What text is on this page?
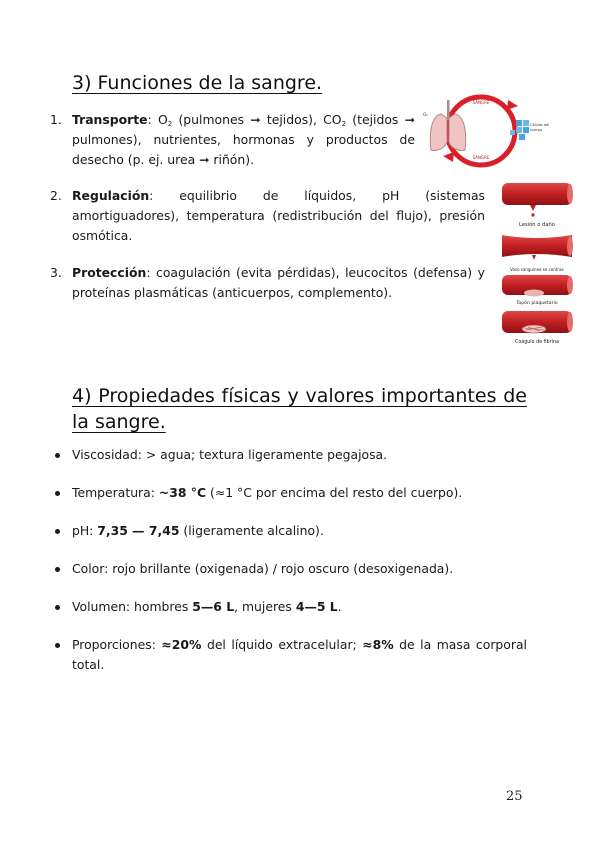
3) Funciones de la sangre.
1. Transporte: $O_2$ (pulmones ➞ tejidos), $CO_2$ (tejidos ➞ pulmones), nutrientes, hormonas y productos de desecho (p. ej. urea ➞ riñón).
2. Regulación: equilibrio de líquidos, pH (sistemas amortiguadores), temperatura (redistribución del flujo), presión osmótica.
3. Protección: coagulación (evita pérdidas), leucocitos (defensa) y proteínas plasmáticas (anticuerpos, complemento).
SANGRE
SANGRE
O₂
Células del
cuerpo
Lesión o daño
Vaso sanguíneo se contrae
Tapón plaquetario
Coágulo de fibrina
4) Propiedades físicas y valores importantes de la sangre.
Viscosidad: > agua; textura ligeramente pegajosa.
Temperatura: ~38 °C (≈1 °C por encima del resto del cuerpo).
pH: 7,35 — 7,45 (ligeramente alcalino).
Color: rojo brillante (oxigenada) / rojo oscuro (desoxigenada).
Volumen: hombres 5—6 L, mujeres 4—5 L.
Proporciones: ≈20% del líquido extracelular; ≈8% de la masa corporal total.
25
